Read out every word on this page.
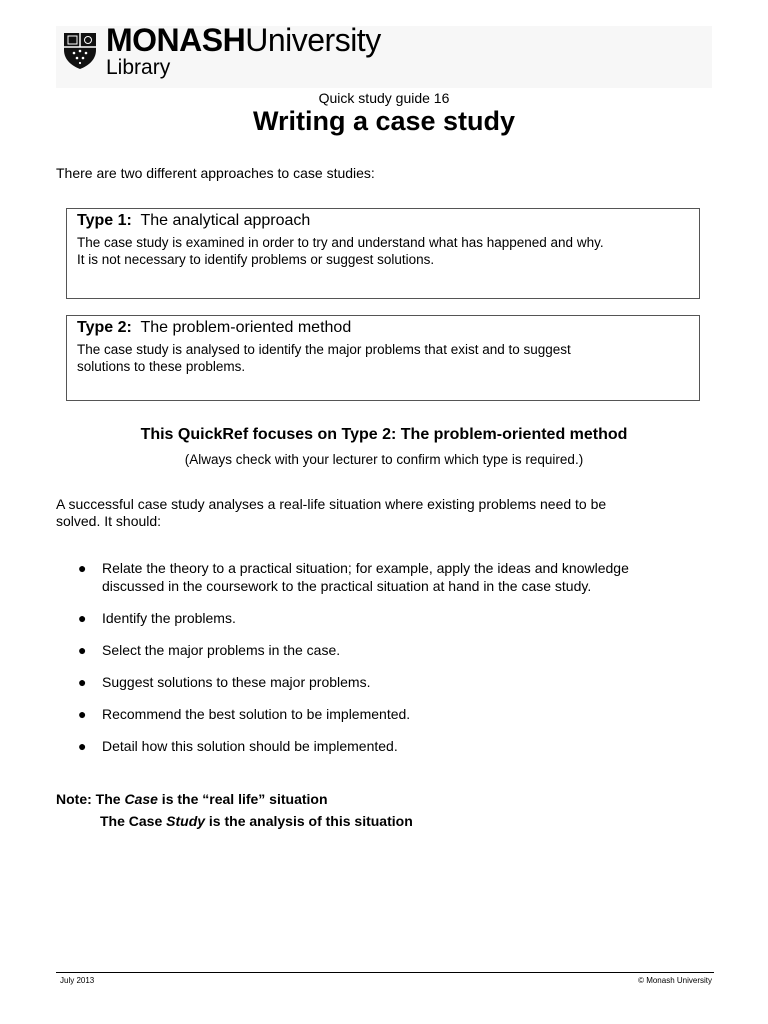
MONASHUniversity
Library
Quick study guide 16
Writing a case study
There are two different approaches to case studies:
Type 1: The analytical approach
The case study is examined in order to try and understand what has happened and why.
It is not necessary to identify problems or suggest solutions.
Type 2: The problem-oriented method
The case study is analysed to identify the major problems that exist and to suggest
solutions to these problems.
This QuickRef focuses on Type 2: The problem-oriented method
(Always check with your lecturer to confirm which type is required.)
A successful case study analyses a real-life situation where existing problems need to be
solved. It should:
● Relate the theory to a practical situation; for example, apply the ideas and knowledge
discussed in the coursework to the practical situation at hand in the case study.
● Identify the problems.
● Select the major problems in the case.
● Suggest solutions to these major problems.
● Recommend the best solution to be implemented.
● Detail how this solution should be implemented.
Note: The Case is the “real life” situation
The Case Study is the analysis of this situation
July 2013	© Monash University
